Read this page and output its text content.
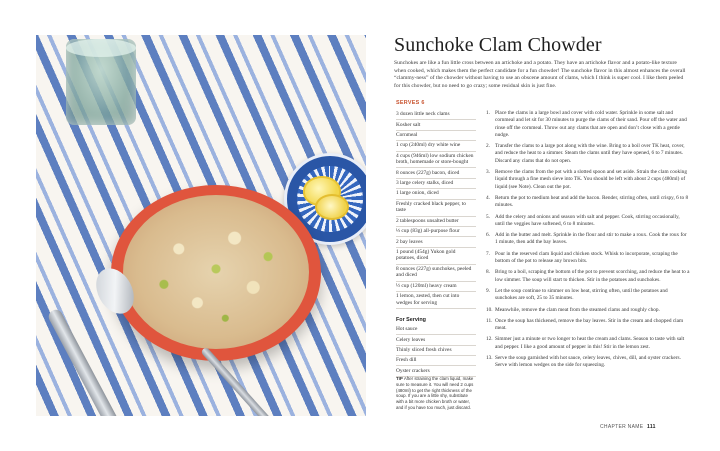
Sunchoke Clam Chowder

Sunchokes are like a fun little cross between an artichoke and a potato. They have an artichoke flavor and a potato-like texture when cooked, which makes them the perfect candidate for a fun chowder! The sunchoke flavor in this almost enhances the overall “clammy-ness” of the chowder without having to use an obscene amount of clams, which I think is super cool. I like them peeled for this chowder, but no need to go crazy; some residual skin is just fine.

SERVES 6

3 dozen little neck clams
Kosher salt
Cornmeal
1 cup (240ml) dry white wine
4 cups (946ml) low sodium chicken broth, homemade or store-bought
8 ounces (227g) bacon, diced
3 large celery stalks, diced
1 large onion, diced
Freshly cracked black pepper, to taste
2 tablespoons unsalted butter
⅓ cup (83g) all-purpose flour
2 bay leaves
1 pound (454g) Yukon gold potatoes, diced
8 ounces (227g) sunchokes, peeled and diced
½ cup (120ml) heavy cream
1 lemon, zested, then cut into wedges for serving

For Serving

Hot sauce
Celery leaves
Thinly sliced fresh chives
Fresh dill
Oyster crackers
TIP After straining the clam liquid, make sure to measure it. You will need 2 cups (480ml) to get the right thickness of the soup. If you are a little shy, substitute with a bit more chicken broth or water, and if you have too much, just discard.
1. Place the clams in a large bowl and cover with cold water. Sprinkle in some salt and cornmeal and let sit for 30 minutes to purge the clams of their sand. Pour off the water and rinse off the cornmeal. Throw out any clams that are open and don’t close with a gentle nudge.
2. Transfer the clams to a large pot along with the wine. Bring to a boil over TK heat, cover, and reduce the heat to a simmer. Steam the clams until they have opened, 6 to 7 minutes. Discard any clams that do not open.
3. Remove the clams from the pot with a slotted spoon and set aside. Strain the clam cooking liquid through a fine mesh sieve into TK. You should be left with about 2 cups (480ml) of liquid (see Note). Clean out the pot.
4. Return the pot to medium heat and add the bacon. Render, stirring often, until crispy, 6 to 8 minutes.
5. Add the celery and onions and season with salt and pepper. Cook, stirring occasionally, until the veggies have softened, 6 to 8 minutes.
6. Add in the butter and melt. Sprinkle in the flour and stir to make a roux. Cook the roux for 1 minute, then add the bay leaves.
7. Pour in the reserved clam liquid and chicken stock. Whisk to incorporate, scraping the bottom of the pot to release any brown bits.
8. Bring to a boil, scraping the bottom of the pot to prevent scorching, and reduce the heat to a low simmer. The soup will start to thicken. Stir in the potatoes and sunchokes.
9. Let the soup continue to simmer on low heat, stirring often, until the potatoes and sunchokes are soft, 25 to 35 minutes.
10. Meanwhile, remove the clam meat from the steamed clams and roughly chop.
11. Once the soup has thickened, remove the bay leaves. Stir in the cream and chopped clam meat.
12. Simmer just a minute or two longer to heat the cream and clams. Season to taste with salt and pepper. I like a good amount of pepper in this! Stir in the lemon zest.
13. Serve the soup garnished with hot sauce, celery leaves, chives, dill, and oyster crackers. Serve with lemon wedges on the side for squeezing.
CHAPTER NAME 111
